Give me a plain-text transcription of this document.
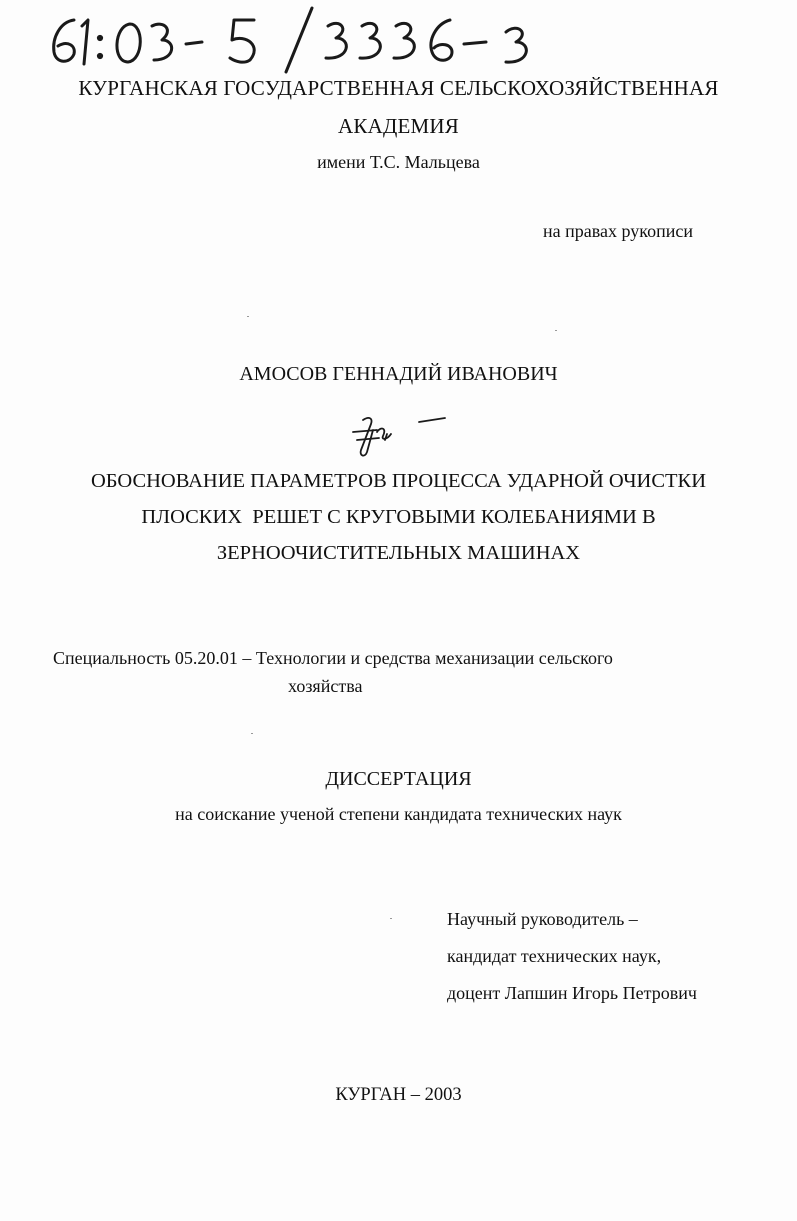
КУРГАНСКАЯ ГОСУДАРСТВЕННАЯ СЕЛЬСКОХОЗЯЙСТВЕННАЯ
АКАДЕМИЯ
имени Т.С. Мальцева
на правах рукописи
АМОСОВ ГЕННАДИЙ ИВАНОВИЧ
ОБОСНОВАНИЕ ПАРАМЕТРОВ ПРОЦЕССА УДАРНОЙ ОЧИСТКИ
ПЛОСКИХ  РЕШЕТ С КРУГОВЫМИ КОЛЕБАНИЯМИ В
ЗЕРНООЧИСТИТЕЛЬНЫХ МАШИНАХ
Специальность 05.20.01 – Технологии и средства механизации сельского
хозяйства
ДИССЕРТАЦИЯ
на соискание ученой степени кандидата технических наук
Научный руководитель –
кандидат технических наук,
доцент Лапшин Игорь Петрович
КУРГАН – 2003
